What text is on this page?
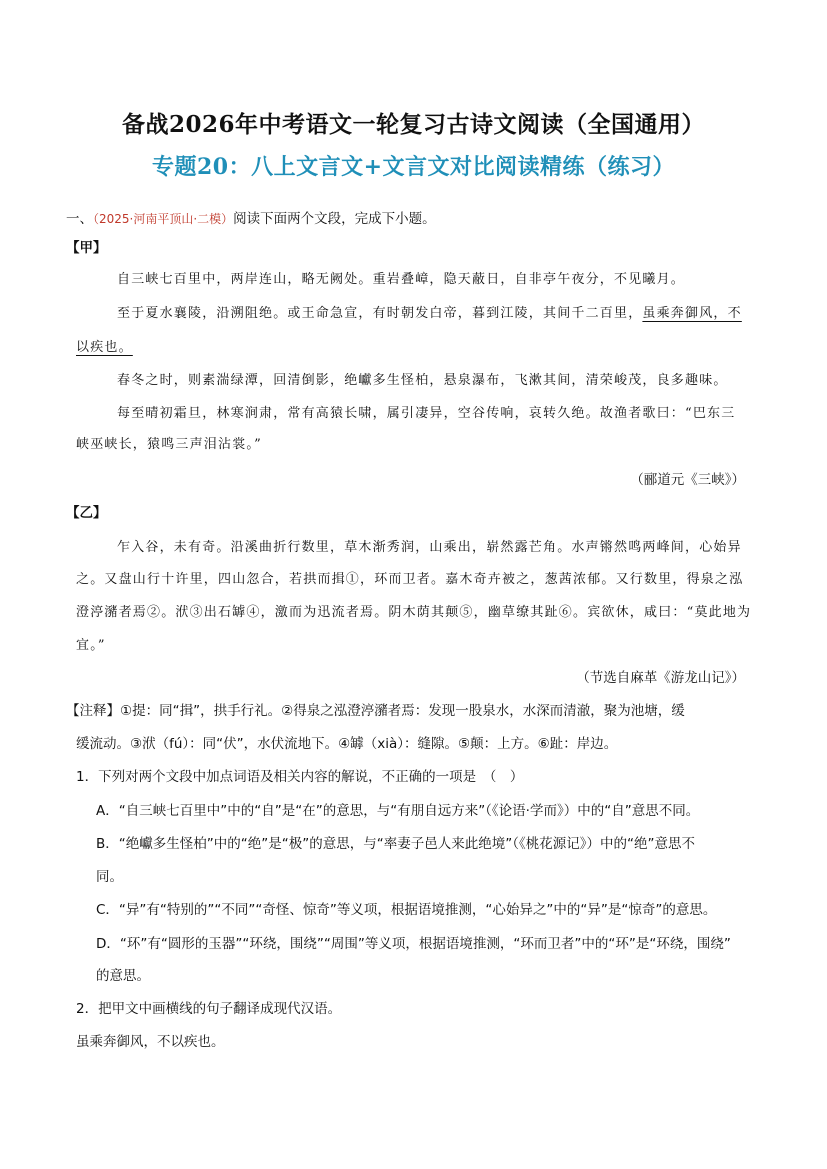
备战2026年中考语文一轮复习古诗文阅读（全国通用）
专题20：八上文言文+文言文对比阅读精练（练习）
一、（2025·河南平顶山·二模）阅读下面两个文段，完成下小题。
【甲】
自三峡七百里中，两岸连山，略无阙处。重岩叠嶂，隐天蔽日，自非亭午夜分，不见曦月。
至于夏水襄陵，沿溯阻绝。或王命急宣，有时朝发白帝，暮到江陵，其间千二百里，虽乘奔御风，不
以疾也。
春冬之时，则素湍绿潭，回清倒影，绝巘多生怪柏，悬泉瀑布，飞漱其间，清荣峻茂，良多趣味。
每至晴初霜旦，林寒涧肃，常有高猿长啸，属引凄异，空谷传响，哀转久绝。故渔者歌曰：“巴东三
峡巫峡长，猿鸣三声泪沾裳。”
（郦道元《三峡》）
【乙】
乍入谷，未有奇。沿溪曲折行数里，草木渐秀润，山乘出，崭然露芒角。水声锵然鸣两峰间，心始异
之。又盘山行十许里，四山忽合，若拱而揖①，环而卫者。嘉木奇卉被之，葱茜浓郁。又行数里，得泉之泓
澄渟瀦者焉②。洑③出石罅④，激而为迅流者焉。阴木荫其颠⑤，幽草缭其趾⑥。宾欲休，咸曰：“莫此地为
宜。”
（节选自麻革《游龙山记》）
【注释】①提：同“揖”，拱手行礼。②得泉之泓澄渟瀦者焉：发现一股泉水，水深而清澈，聚为池塘，缓
缓流动。③洑（fú）：同“伏”，水伏流地下。④罅（xià）：缝隙。⑤颠：上方。⑥趾：岸边。
1．下列对两个文段中加点词语及相关内容的解说，不正确的一项是　（　）
A．“自三峡七百里中”中的“自”是“在”的意思，与“有朋自远方来”（《论语·学而》）中的“自”意思不同。
B．“绝巘多生怪柏”中的“绝”是“极”的意思，与“率妻子邑人来此绝境”（《桃花源记》）中的“绝”意思不
同。
C．“异”有“特别的”“不同”“奇怪、惊奇”等义项，根据语境推测，“心始异之”中的“异”是“惊奇”的意思。
D．“环”有“圆形的玉器”“环绕，围绕”“周围”等义项，根据语境推测，“环而卫者”中的“环”是“环绕，围绕”
的意思。
2．把甲文中画横线的句子翻译成现代汉语。
虽乘奔御风，不以疾也。
